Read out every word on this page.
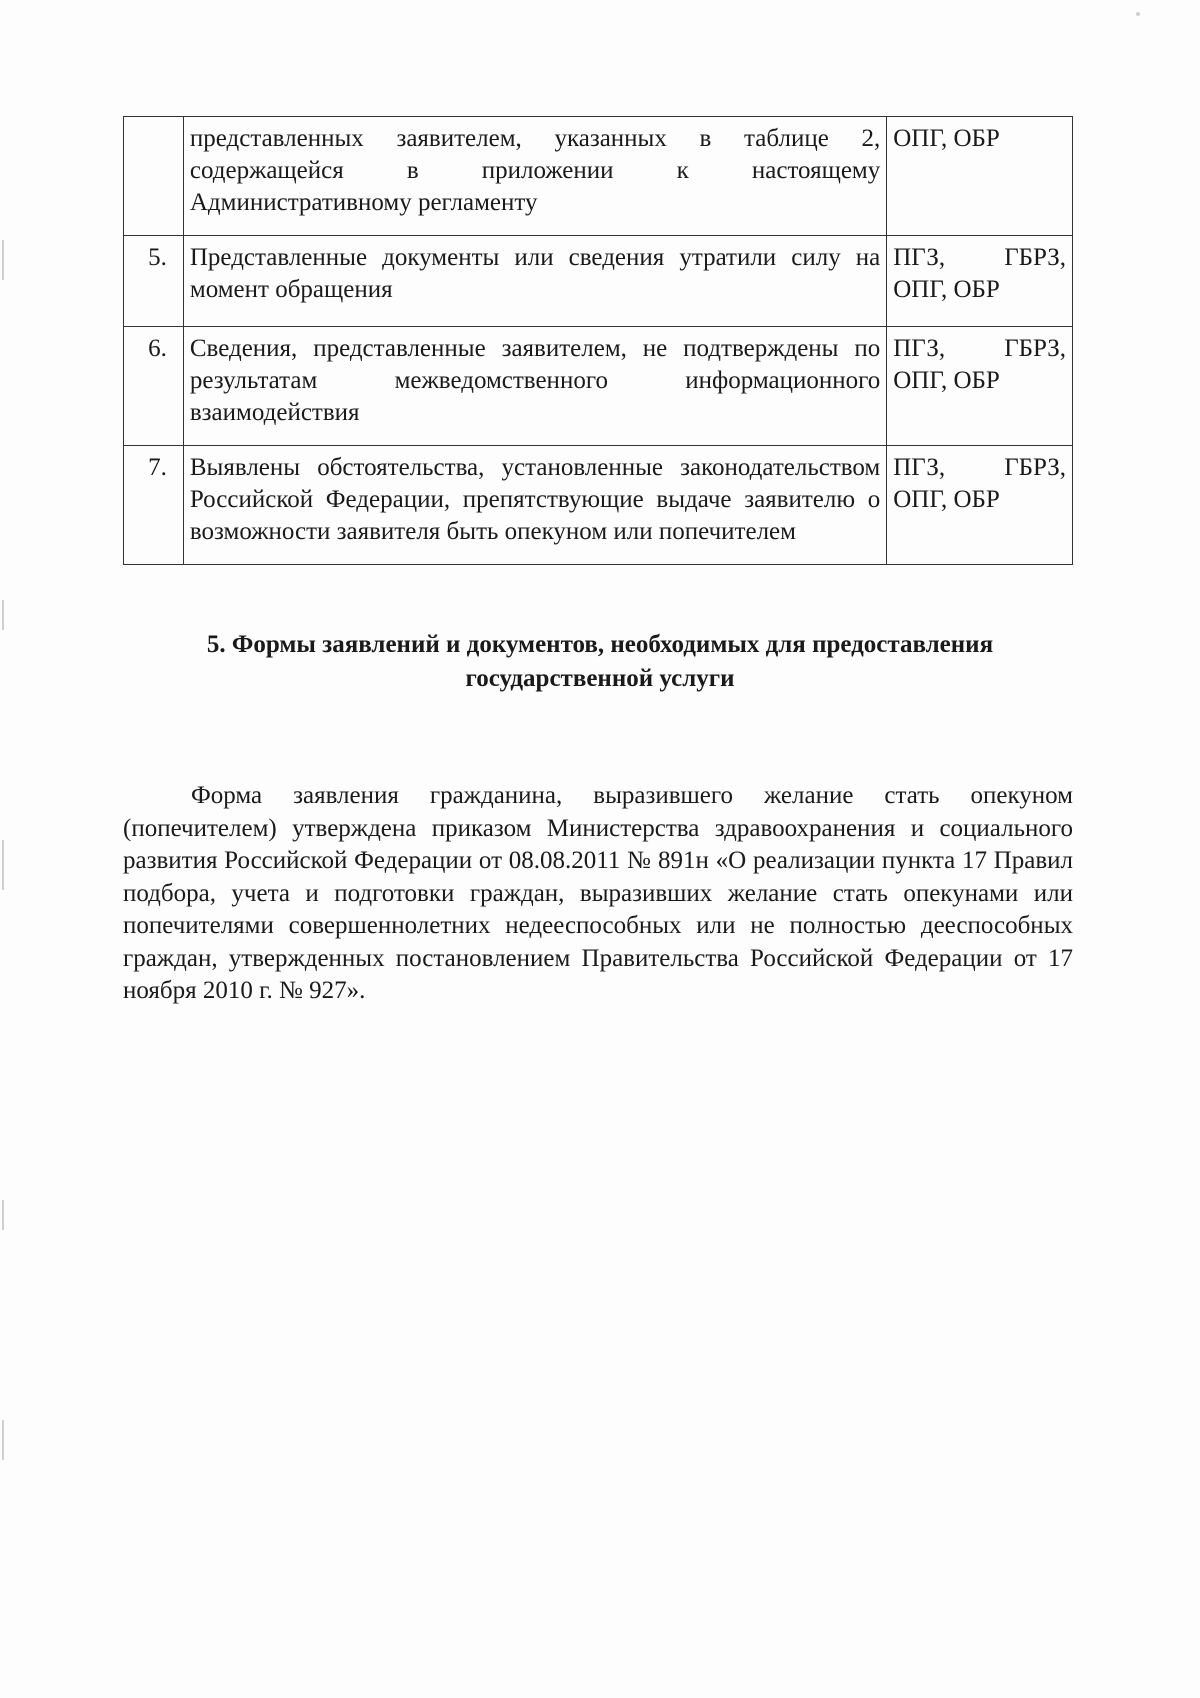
	представленных заявителем, указанных в таблице 2, содержащейся в приложении к настоящему Административному регламенту	ОПГ, ОБР

5.	Представленные документы или сведения утратили силу на момент обращения	ПГЗ, ГБРЗ,
ОПГ, ОБР

6.	Сведения, представленные заявителем, не подтверждены по результатам межведомственного информационного взаимодействия	ПГЗ, ГБРЗ,
ОПГ, ОБР

7.	Выявлены обстоятельства, установленные законодательством Российской Федерации, препятствующие выдаче заявителю о возможности заявителя быть опекуном или попечителем	ПГЗ, ГБРЗ,
ОПГ, ОБР
5. Формы заявлений и документов, необходимых для предоставления
государственной услуги
Форма заявления гражданина, выразившего желание стать опекуном (попечителем) утверждена приказом Министерства здравоохранения и социального развития Российской Федерации от 08.08.2011 № 891н «О реализации пункта 17 Правил подбора, учета и подготовки граждан, выразивших желание стать опекунами или попечителями совершеннолетних недееспособных или не полностью дееспособных граждан, утвержденных постановлением Правительства Российской Федерации от 17 ноября 2010 г. № 927».
